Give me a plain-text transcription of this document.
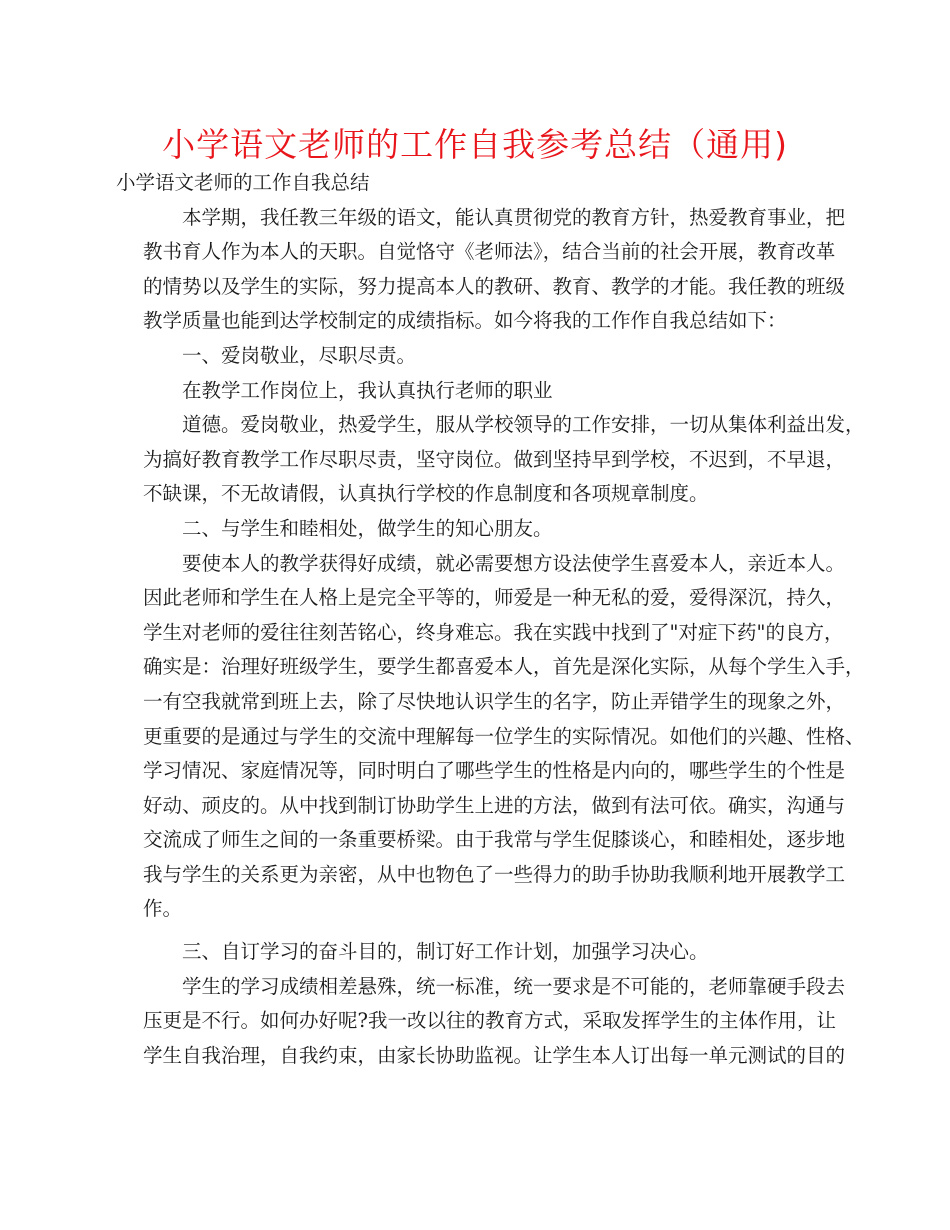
小学语文老师的工作自我参考总结（通用)
小学语文老师的工作自我总结
本学期，我任教三年级的语文，能认真贯彻党的教育方针，热爱教育事业，把
教书育人作为本人的天职。自觉恪守《老师法》，结合当前的社会开展，教育改革
的情势以及学生的实际，努力提高本人的教研、教育、教学的才能。我任教的班级
教学质量也能到达学校制定的成绩指标。如今将我的工作作自我总结如下：
一、爱岗敬业，尽职尽责。
在教学工作岗位上，我认真执行老师的职业
道德。爱岗敬业，热爱学生，服从学校领导的工作安排，一切从集体利益出发，
为搞好教育教学工作尽职尽责，坚守岗位。做到坚持早到学校，不迟到，不早退，
不缺课，不无故请假，认真执行学校的作息制度和各项规章制度。
二、与学生和睦相处，做学生的知心朋友。
要使本人的教学获得好成绩，就必需要想方设法使学生喜爱本人，亲近本人。
因此老师和学生在人格上是完全平等的，师爱是一种无私的爱，爱得深沉，持久，
学生对老师的爱往往刻苦铭心，终身难忘。我在实践中找到了"对症下药"的良方，
确实是：治理好班级学生，要学生都喜爱本人，首先是深化实际，从每个学生入手，
一有空我就常到班上去，除了尽快地认识学生的名字，防止弄错学生的现象之外，
更重要的是通过与学生的交流中理解每一位学生的实际情况。如他们的兴趣、性格、
学习情况、家庭情况等，同时明白了哪些学生的性格是内向的，哪些学生的个性是
好动、顽皮的。从中找到制订协助学生上进的方法，做到有法可依。确实，沟通与
交流成了师生之间的一条重要桥梁。由于我常与学生促膝谈心，和睦相处，逐步地
我与学生的关系更为亲密，从中也物色了一些得力的助手协助我顺利地开展教学工
作。
三、自订学习的奋斗目的，制订好工作计划，加强学习决心。
学生的学习成绩相差悬殊，统一标准，统一要求是不可能的，老师靠硬手段去
压更是不行。如何办好呢?我一改以往的教育方式，采取发挥学生的主体作用，让
学生自我治理，自我约束，由家长协助监视。让学生本人订出每一单元测试的目的
